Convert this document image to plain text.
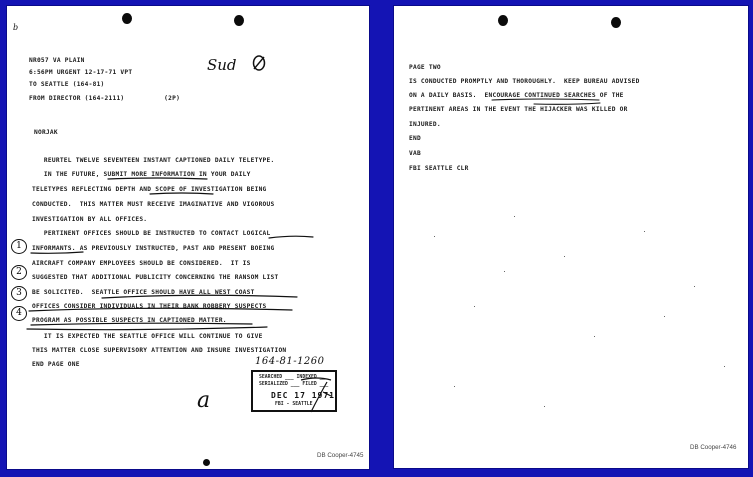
b
NR057 VA PLAIN
6:56PM URGENT 12-17-71 VPT
TO SEATTLE (164-81)
FROM DIRECTOR (164-2111)          (2P)
Sud
NORJAK
REURTEL TWELVE SEVENTEEN INSTANT CAPTIONED DAILY TELETYPE.
IN THE FUTURE, SUBMIT MORE INFORMATION IN YOUR DAILY
TELETYPES REFLECTING DEPTH AND SCOPE OF INVESTIGATION BEING
CONDUCTED.  THIS MATTER MUST RECEIVE IMAGINATIVE AND VIGOROUS
INVESTIGATION BY ALL OFFICES.
PERTINENT OFFICES SHOULD BE INSTRUCTED TO CONTACT LOGICAL
INFORMANTS. AS PREVIOUSLY INSTRUCTED, PAST AND PRESENT BOEING
AIRCRAFT COMPANY EMPLOYEES SHOULD BE CONSIDERED.  IT IS
SUGGESTED THAT ADDITIONAL PUBLICITY CONCERNING THE RANSOM LIST
BE SOLICITED.  SEATTLE OFFICE SHOULD HAVE ALL WEST COAST
OFFICES CONSIDER INDIVIDUALS IN THEIR BANK ROBBERY SUSPECTS
PROGRAM AS POSSIBLE SUSPECTS IN CAPTIONED MATTER.
IT IS EXPECTED THE SEATTLE OFFICE WILL CONTINUE TO GIVE
THIS MATTER CLOSE SUPERVISORY ATTENTION AND INSURE INVESTIGATION
END PAGE ONE
1
2
3
4
164-81-1260
SEARCHED ___ INDEXED ___
SERIALIZED ___ FILED ___
DEC 17 1971
FBI - SEATTLE
a
DB Cooper-4745
PAGE TWO
IS CONDUCTED PROMPTLY AND THOROUGHLY.  KEEP BUREAU ADVISED
ON A DAILY BASIS.  ENCOURAGE CONTINUED SEARCHES OF THE
PERTINENT AREAS IN THE EVENT THE HIJACKER WAS KILLED OR
INJURED.
END
VAB
FBI SEATTLE CLR
DB Cooper-4746
